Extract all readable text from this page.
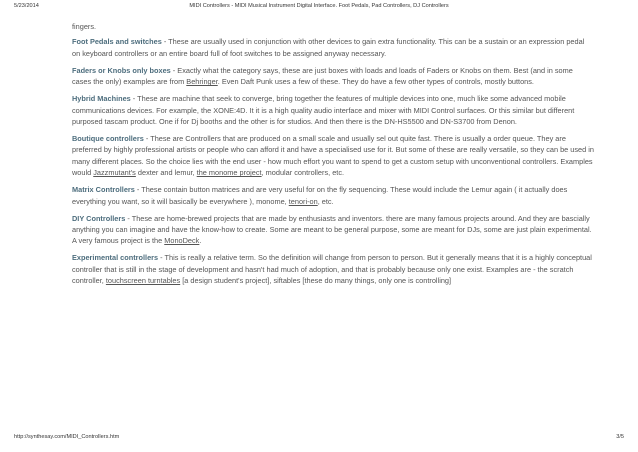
5/23/2014	MIDI Controllers - MIDI Musical Instrument Digital Interface. Foot Pedals, Pad Controllers, DJ Controllers

fingers.

Foot Pedals and switches - These are usually used in conjunction with other devices to gain extra functionality. This can be a sustain or an expression pedal on keyboard controllers or an entire board full of foot switches to be assigned anyway necessary.

Faders or Knobs only boxes - Exactly what the category says, these are just boxes with loads and loads of Faders or Knobs on them. Best (and in some cases the only) examples are from Behringer. Even Daft Punk uses a few of these. They do have a few other types of controls, mostly buttons.

Hybrid Machines - These are machine that seek to converge, bring together the features of multiple devices into one, much like some advanced mobile communications devices. For example, the XONE:4D. It it is a high quality audio interface and mixer with MIDI Control surfaces. Or this similar but different purposed tascam product. One if for Dj booths and the other is for studios. And then there is the DN-HS5500 and DN-S3700 from Denon.

Boutique controllers - These are Controllers that are produced on a small scale and usually sel out quite fast. There is usually a order queue. They are preferred by highly professional artists or people who can afford it and have a specialised use for it. But some of these are really versatile, so they can be used in many different places. So the choice lies with the end user - how much effort you want to spend to get a custom setup with unconventional controllers. Examples would Jazzmutant's dexter and lemur, the monome project, modular controllers, etc.

Matrix Controllers - These contain button matrices and are very useful for on the fly sequencing. These would include the Lemur again ( it actually does everything you want, so it will basically be everywhere ), monome, tenori-on, etc.

DIY Controllers - These are home-brewed projects that are made by enthusiasts and inventors. there are many famous projects around. And they are bascially anything you can imagine and have the know-how to create. Some are meant to be general purpose, some are meant for DJs, some are just plain experimental. A very famous project is the MonoDeck.

Experimental controllers - This is really a relative term. So the definition will change from person to person. But it generally means that it is a highly conceptual controller that is still in the stage of development and hasn't had much of adoption, and that is probably because only one exist. Examples are - the scratch controller, touchscreen turntables [a design student's project], siftables [these do many things, only one is controlling]

http://synthesay.com/MIDI_Controllers.htm	3/5
